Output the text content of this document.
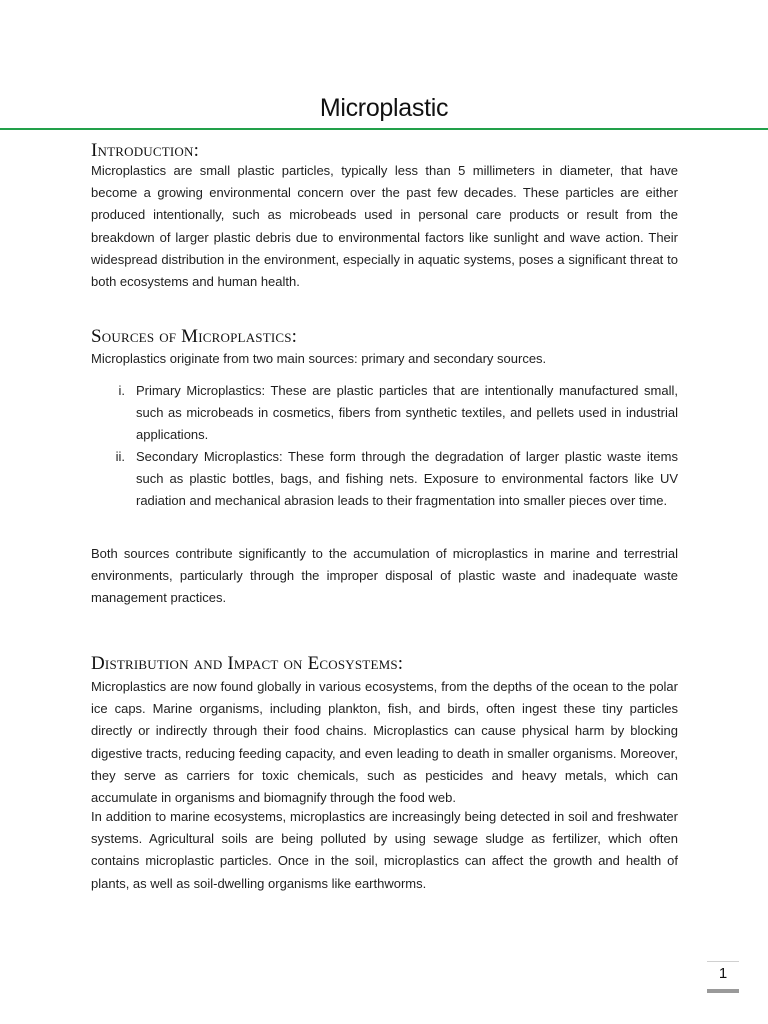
Microplastic
Introduction:
Microplastics are small plastic particles, typically less than 5 millimeters in diameter, that have become a growing environmental concern over the past few decades. These particles are either produced intentionally, such as microbeads used in personal care products or result from the breakdown of larger plastic debris due to environmental factors like sunlight and wave action. Their widespread distribution in the environment, especially in aquatic systems, poses a significant threat to both ecosystems and human health.
Sources of Microplastics:
Microplastics originate from two main sources: primary and secondary sources.
i. Primary Microplastics: These are plastic particles that are intentionally manufactured small, such as microbeads in cosmetics, fibers from synthetic textiles, and pellets used in industrial applications.
ii. Secondary Microplastics: These form through the degradation of larger plastic waste items such as plastic bottles, bags, and fishing nets. Exposure to environmental factors like UV radiation and mechanical abrasion leads to their fragmentation into smaller pieces over time.
Both sources contribute significantly to the accumulation of microplastics in marine and terrestrial environments, particularly through the improper disposal of plastic waste and inadequate waste management practices.
Distribution and Impact on Ecosystems:
Microplastics are now found globally in various ecosystems, from the depths of the ocean to the polar ice caps. Marine organisms, including plankton, fish, and birds, often ingest these tiny particles directly or indirectly through their food chains. Microplastics can cause physical harm by blocking digestive tracts, reducing feeding capacity, and even leading to death in smaller organisms. Moreover, they serve as carriers for toxic chemicals, such as pesticides and heavy metals, which can accumulate in organisms and biomagnify through the food web.
In addition to marine ecosystems, microplastics are increasingly being detected in soil and freshwater systems. Agricultural soils are being polluted by using sewage sludge as fertilizer, which often contains microplastic particles. Once in the soil, microplastics can affect the growth and health of plants, as well as soil-dwelling organisms like earthworms.
1
